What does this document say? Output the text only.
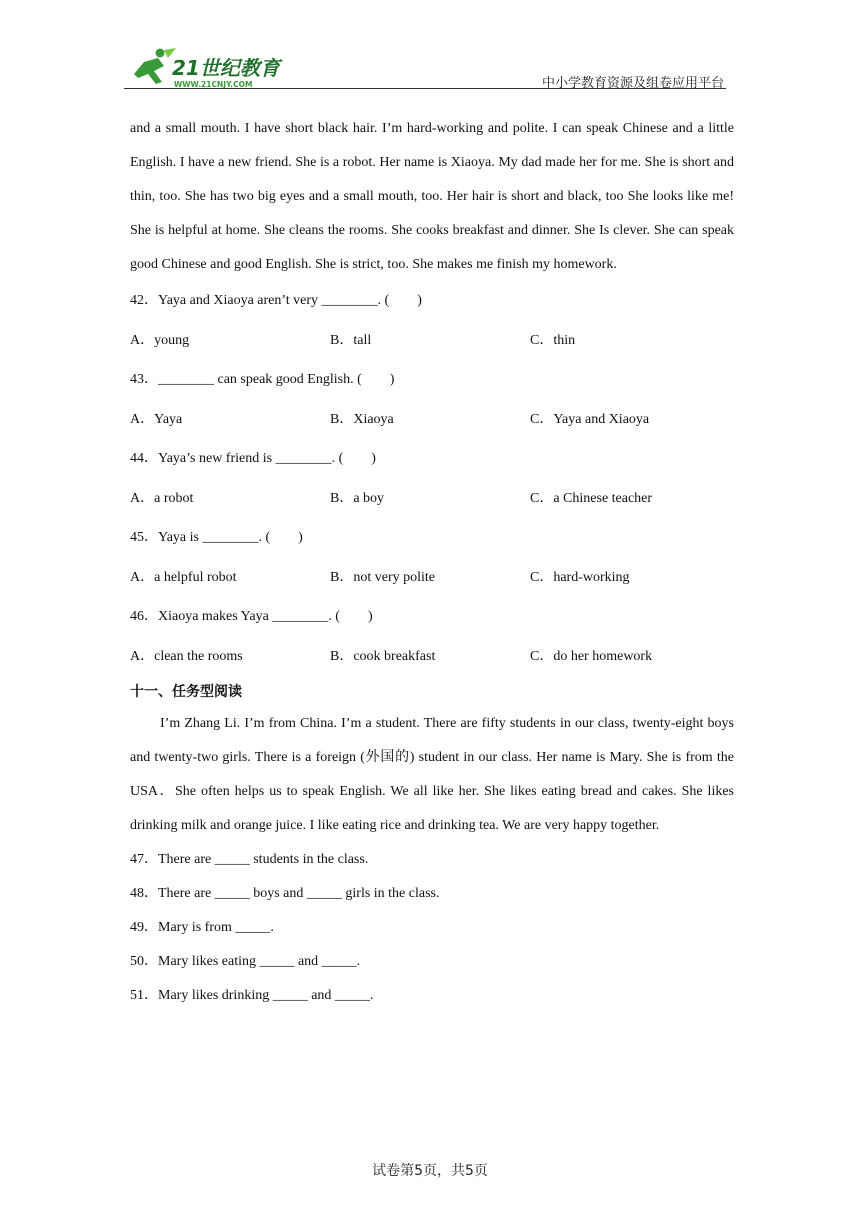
21世纪教育
WWW.21CNJY.COM	中小学教育资源及组卷应用平台

and a small mouth. I have short black hair. I’m hard-working and polite. I can speak Chinese and a little English. I have a new friend. She is a robot. Her name is Xiaoya. My dad made her for me. She is short and thin, too. She has two big eyes and a small mouth, too. Her hair is short and black, too She looks like me! She is helpful at home. She cleans the rooms. She cooks breakfast and dinner. She Is clever. She can speak good Chinese and good English. She is strict, too. She makes me finish my homework.

42．Yaya and Xiaoya aren’t very ________. (　　)

A．young	B．tall	C．thin

43．________ can speak good English. (　　)

A．Yaya	B．Xiaoya	C．Yaya and Xiaoya

44．Yaya’s new friend is ________. (　　)

A．a robot	B．a boy	C．a Chinese teacher

45．Yaya is ________. (　　)

A．a helpful robot	B．not very polite	C．hard-working

46．Xiaoya makes Yaya ________. (　　)

A．clean the rooms	B．cook breakfast	C．do her homework

十一、任务型阅读

I’m Zhang Li. I’m from China. I’m a student. There are fifty students in our class, twenty-eight boys and twenty-two girls. There is a foreign (外国的) student in our class. Her name is Mary. She is from the USA．She often helps us to speak English. We all like her. She likes eating bread and cakes. She likes drinking milk and orange juice. I like eating rice and drinking tea. We are very happy together.

47．There are _____ students in the class.

48．There are _____ boys and _____ girls in the class.

49．Mary is from _____.

50．Mary likes eating _____ and _____.

51．Mary likes drinking _____ and _____.

试卷第5页，共5页
